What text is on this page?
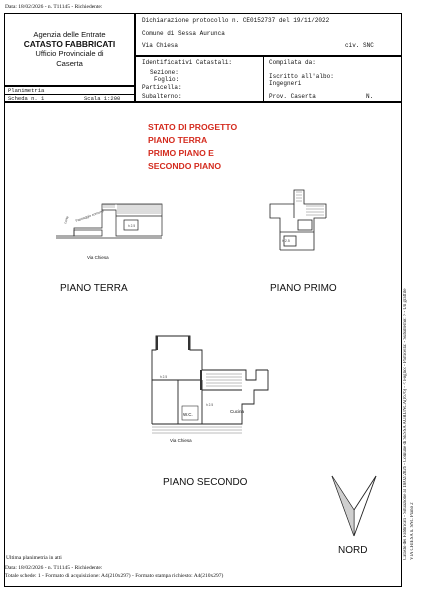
Data: 18/02/2026 - n. T11145 - Richiedente:
Agenzia delle Entrate
CATASTO FABBRICATI
Ufficio Provinciale di
Caserta
Dichiarazione protocollo n. CE0152737 del 19/11/2022
Comune di Sessa Aurunca
Via Chiesa	civ. SNC
Identificativi Catastali:
Sezione:
Foglio:
Particella:
Subalterno:
Compilata da:
Iscritto all'albo:
Ingegneri
Prov. Caserta	N.
Planimetria
Scheda n. 1	Scala 1:200
STATO DI PROGETTO
PIANO TERRA
PRIMO PIANO E
SECONDO PIANO
corte Passaggio comune
h 2.5
Via Chiesa
PIANO TERRA
h 2.5
PIANO PRIMO
h 2.5
h 2.5
Cucina
W.C.
Via Chiesa
PIANO SECONDO
NORD	Catasto dei Fabbricati - Situazione al 18/02/2026 - Comune di SESSA AURUNCA(I676) - < Foglio: - Particella: - Subalterno: > - Un graffite VIA CHIESA n. SNC Piano 2
Ultima planimetria in atti
Data: 18/02/2026 - n. T11145 - Richiedente:
Totale schede: 1 - Formato di acquisizione: A4(210x297) - Formato stampa richiesto: A4(210x297)
